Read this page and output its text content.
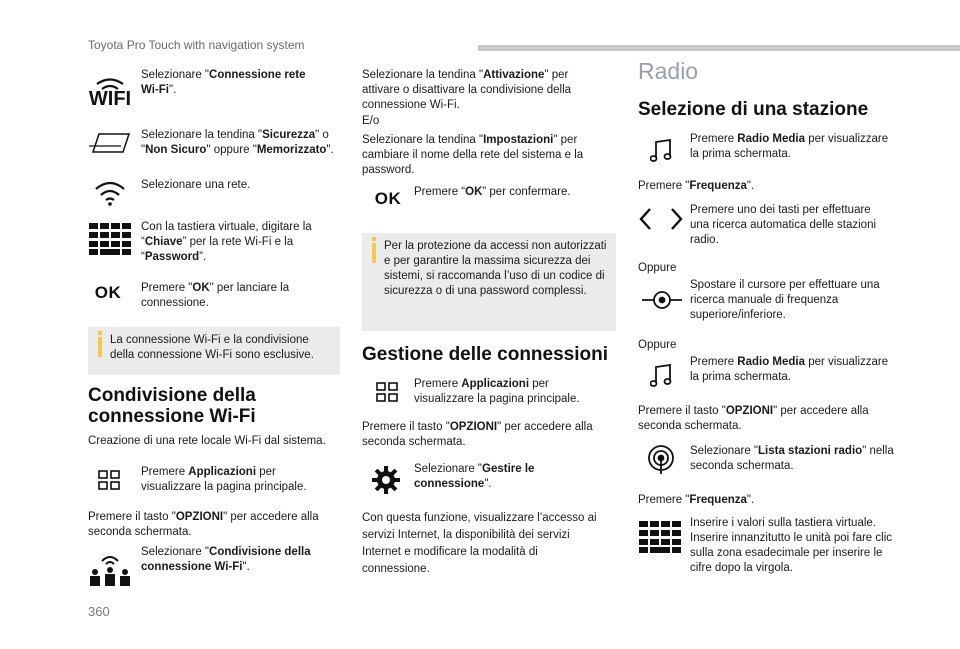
Toyota Pro Touch with navigation system
360
WIFI
Selezionare "Connessione rete Wi-Fi".
Selezionare la tendina "Sicurezza" o "Non Sicuro" oppure "Memorizzato".
Selezionare una rete.
Con la tastiera virtuale, digitare la “Chiave” per la rete Wi-Fi e la “Password”.
OK	Premere "OK" per lanciare la connessione.
La connessione Wi-Fi e la condivisione della connessione Wi-Fi sono esclusive.
Condivisione della connessione Wi-Fi
Creazione di una rete locale Wi-Fi dal sistema.
Premere Applicazioni per visualizzare la pagina principale.
Premere il tasto "OPZIONI" per accedere alla seconda schermata.
Selezionare "Condivisione della connessione Wi-Fi".
Selezionare la tendina "Attivazione" per attivare o disattivare la condivisione della connessione Wi-Fi.
E/o
Selezionare la tendina "Impostazioni" per cambiare il nome della rete del sistema e la password.
OK	Premere “OK” per confermare.
Per la protezione da accessi non autorizzati e per garantire la massima sicurezza dei sistemi, si raccomanda l’uso di un codice di sicurezza o di una password complessi.
Gestione delle connessioni
Premere Applicazioni per visualizzare la pagina principale.
Premere il tasto "OPZIONI" per accedere alla seconda schermata.
Selezionare "Gestire le connessione".
Con questa funzione, visualizzare l’accesso ai servizi Internet, la disponibilità dei servizi Internet e modificare la modalità di connessione.
Radio
Selezione di una stazione
Premere Radio Media per visualizzare la prima schermata.
Premere "Frequenza".
Premere uno dei tasti per effettuare una ricerca automatica delle stazioni radio.
Oppure
Spostare il cursore per effettuare una ricerca manuale di frequenza superiore/inferiore.
Oppure
Premere Radio Media per visualizzare la prima schermata.
Premere il tasto "OPZIONI" per accedere alla seconda schermata.
Selezionare "Lista stazioni radio" nella seconda schermata.
Premere "Frequenza".
Inserire i valori sulla tastiera virtuale. Inserire innanzitutto le unità poi fare clic sulla zona esadecimale per inserire le cifre dopo la virgola.
